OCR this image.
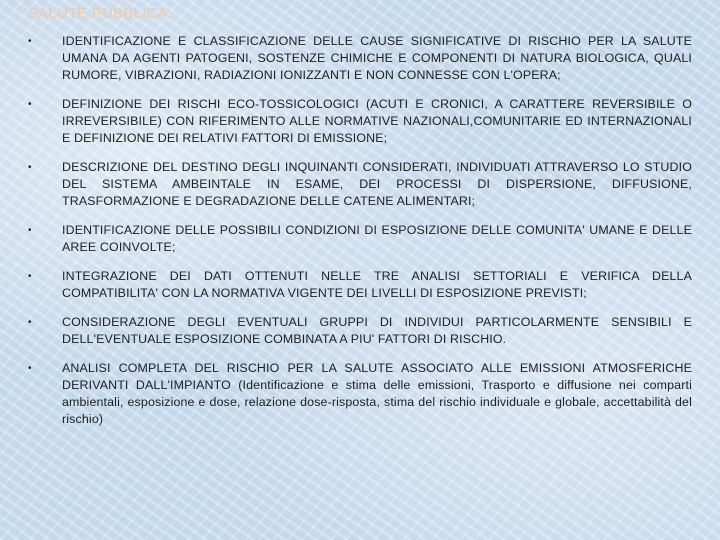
SALUTE PUBBLICA:
•	IDENTIFICAZIONE E CLASSIFICAZIONE DELLE CAUSE SIGNIFICATIVE DI RISCHIO PER LA SALUTE UMANA DA AGENTI PATOGENI, SOSTENZE CHIMICHE E COMPONENTI DI NATURA BIOLOGICA, QUALI RUMORE, VIBRAZIONI, RADIAZIONI IONIZZANTI E NON CONNESSE CON L'OPERA;
•	DEFINIZIONE DEI RISCHI ECO-TOSSICOLOGICI (ACUTI E CRONICI, A CARATTERE REVERSIBILE O IRREVERSIBILE) CON RIFERIMENTO ALLE NORMATIVE NAZIONALI,COMUNITARIE ED INTERNAZIONALI E DEFINIZIONE DEI RELATIVI FATTORI DI EMISSIONE;
•	DESCRIZIONE DEL DESTINO DEGLI INQUINANTI CONSIDERATI, INDIVIDUATI ATTRAVERSO LO STUDIO DEL SISTEMA AMBEINTALE IN ESAME, DEI PROCESSI DI DISPERSIONE, DIFFUSIONE, TRASFORMAZIONE E DEGRADAZIONE DELLE CATENE ALIMENTARI;
•	IDENTIFICAZIONE DELLE POSSIBILI CONDIZIONI DI ESPOSIZIONE DELLE COMUNITA' UMANE E DELLE AREE COINVOLTE;
•	INTEGRAZIONE DEI DATI OTTENUTI NELLE TRE ANALISI SETTORIALI E VERIFICA DELLA COMPATIBILITA' CON LA NORMATIVA VIGENTE DEI LIVELLI DI ESPOSIZIONE PREVISTI;
•	CONSIDERAZIONE DEGLI EVENTUALI GRUPPI DI INDIVIDUI PARTICOLARMENTE SENSIBILI E DELL'EVENTUALE ESPOSIZIONE COMBINATA A PIU' FATTORI DI RISCHIO.
•	ANALISI COMPLETA DEL RISCHIO PER LA SALUTE ASSOCIATO ALLE EMISSIONI ATMOSFERICHE DERIVANTI DALL'IMPIANTO (Identificazione e stima delle emissioni, Trasporto e diffusione nei comparti ambientali, esposizione e dose, relazione dose-risposta, stima del rischio individuale e globale, accettabilità del rischio)
